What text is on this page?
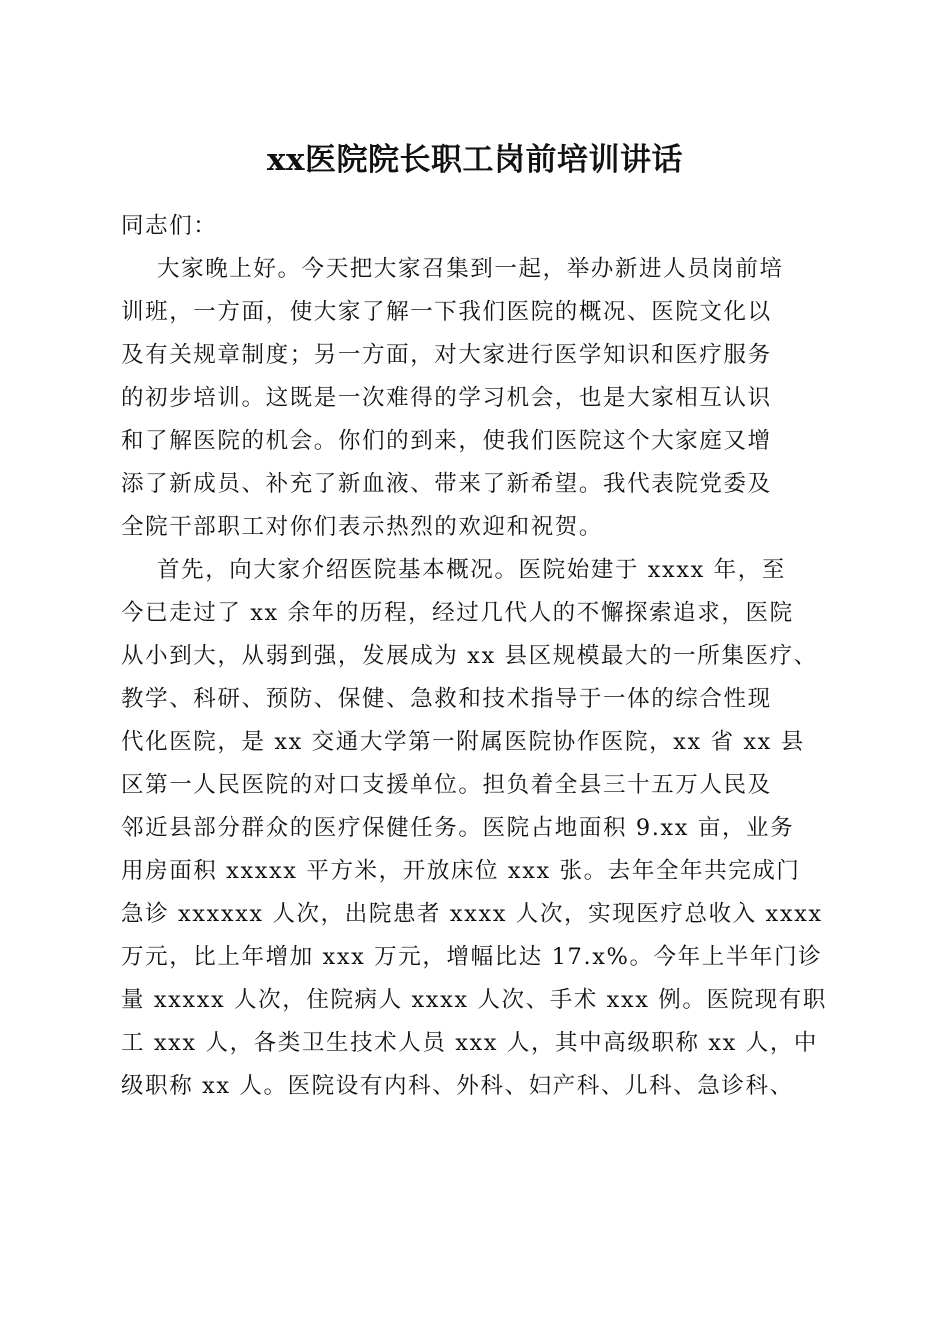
xx医院院长职工岗前培训讲话
同志们：
大家晚上好。今天把大家召集到一起，举办新进人员岗前培
训班，一方面，使大家了解一下我们医院的概况、医院文化以
及有关规章制度；另一方面，对大家进行医学知识和医疗服务
的初步培训。这既是一次难得的学习机会，也是大家相互认识
和了解医院的机会。你们的到来，使我们医院这个大家庭又增
添了新成员、补充了新血液、带来了新希望。我代表院党委及
全院干部职工对你们表示热烈的欢迎和祝贺。
首先，向大家介绍医院基本概况。医院始建于 xxxx 年，至
今已走过了 xx 余年的历程，经过几代人的不懈探索追求，医院
从小到大，从弱到强，发展成为 xx 县区规模最大的一所集医疗、
教学、科研、预防、保健、急救和技术指导于一体的综合性现
代化医院，是 xx 交通大学第一附属医院协作医院，xx 省 xx 县
区第一人民医院的对口支援单位。担负着全县三十五万人民及
邻近县部分群众的医疗保健任务。医院占地面积 9.xx 亩，业务
用房面积 xxxxx 平方米，开放床位 xxx 张。去年全年共完成门
急诊 xxxxxx 人次，出院患者 xxxx 人次，实现医疗总收入 xxxx
万元，比上年增加 xxx 万元，增幅比达 17.x%。今年上半年门诊
量 xxxxx 人次，住院病人 xxxx 人次、手术 xxx 例。医院现有职
工 xxx 人，各类卫生技术人员 xxx 人，其中高级职称 xx 人，中
级职称 xx 人。医院设有内科、外科、妇产科、儿科、急诊科、
